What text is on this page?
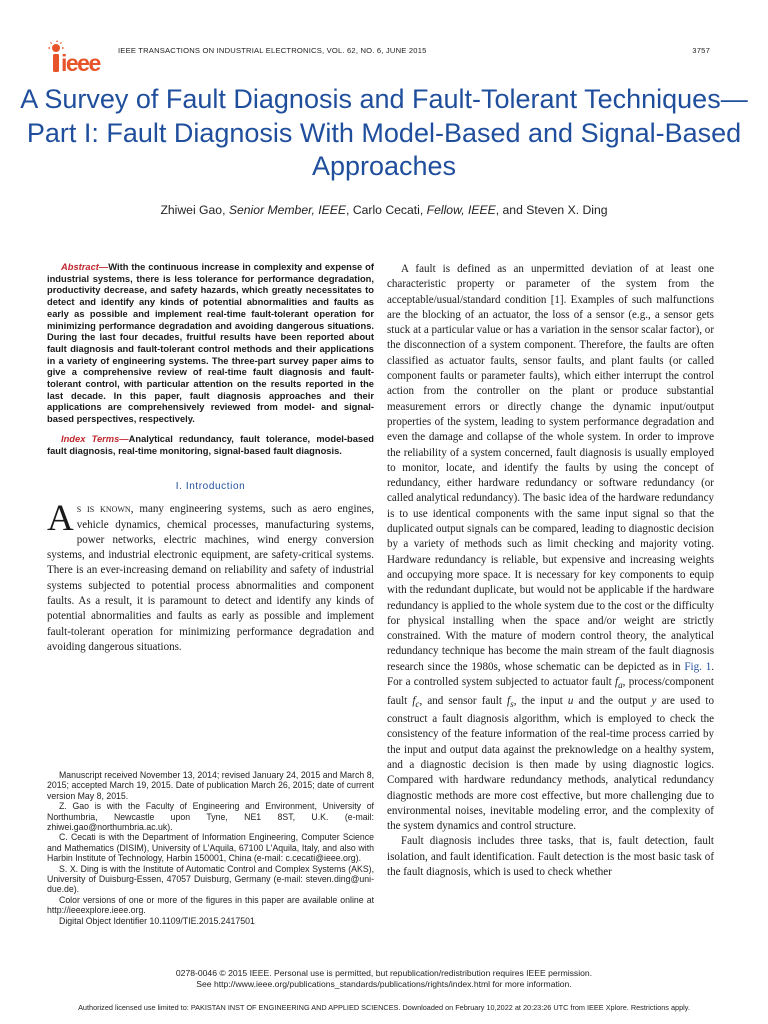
ieee IEEE TRANSACTIONS ON INDUSTRIAL ELECTRONICS, VOL. 62, NO. 6, JUNE 2015	3757
A Survey of Fault Diagnosis and Fault-Tolerant Techniques—Part I: Fault Diagnosis With Model-Based and Signal-Based Approaches
Zhiwei Gao, Senior Member, IEEE, Carlo Cecati, Fellow, IEEE, and Steven X. Ding

Abstract—With the continuous increase in complexity and expense of industrial systems, there is less tolerance for performance degradation, productivity decrease, and safety hazards, which greatly necessitates to detect and identify any kinds of potential abnormalities and faults as early as possible and implement real-time fault-tolerant operation for minimizing performance degradation and avoiding dangerous situations. During the last four decades, fruitful results have been reported about fault diagnosis and fault-tolerant control methods and their applications in a variety of engineering systems. The three-part survey paper aims to give a comprehensive review of real-time fault diagnosis and fault-tolerant control, with particular attention on the results reported in the last decade. In this paper, fault diagnosis approaches and their applications are comprehensively reviewed from model- and signal-based perspectives, respectively.

Index Terms—Analytical redundancy, fault tolerance, model-based fault diagnosis, real-time monitoring, signal-based fault diagnosis.

I. Introduction

As is known, many engineering systems, such as aero engines, vehicle dynamics, chemical processes, manufacturing systems, power networks, electric machines, wind energy conversion systems, and industrial electronic equipment, are safety-critical systems. There is an ever-increasing demand on reliability and safety of industrial systems subjected to potential process abnormalities and component faults. As a result, it is paramount to detect and identify any kinds of potential abnormalities and faults as early as possible and implement fault-tolerant operation for minimizing performance degradation and avoiding dangerous situations.

Manuscript received November 13, 2014; revised January 24, 2015 and March 8, 2015; accepted March 19, 2015. Date of publication March 26, 2015; date of current version May 8, 2015.

Z. Gao is with the Faculty of Engineering and Environment, University of Northumbria, Newcastle upon Tyne, NE1 8ST, U.K. (e-mail: zhiwei.gao@northumbria.ac.uk).

C. Cecati is with the Department of Information Engineering, Computer Science and Mathematics (DISIM), University of L'Aquila, 67100 L'Aquila, Italy, and also with Harbin Institute of Technology, Harbin 150001, China (e-mail: c.cecati@ieee.org).

S. X. Ding is with the Institute of Automatic Control and Complex Systems (AKS), University of Duisburg-Essen, 47057 Duisburg, Germany (e-mail: steven.ding@uni-due.de).

Color versions of one or more of the figures in this paper are available online at http://ieeexplore.ieee.org.

Digital Object Identifier 10.1109/TIE.2015.2417501

A fault is defined as an unpermitted deviation of at least one characteristic property or parameter of the system from the acceptable/usual/standard condition [1]. Examples of such malfunctions are the blocking of an actuator, the loss of a sensor (e.g., a sensor gets stuck at a particular value or has a variation in the sensor scalar factor), or the disconnection of a system component. Therefore, the faults are often classified as actuator faults, sensor faults, and plant faults (or called component faults or parameter faults), which either interrupt the control action from the controller on the plant or produce substantial measurement errors or directly change the dynamic input/output properties of the system, leading to system performance degradation and even the damage and collapse of the whole system. In order to improve the reliability of a system concerned, fault diagnosis is usually employed to monitor, locate, and identify the faults by using the concept of redundancy, either hardware redundancy or software redundancy (or called analytical redundancy). The basic idea of the hardware redundancy is to use identical components with the same input signal so that the duplicated output signals can be compared, leading to diagnostic decision by a variety of methods such as limit checking and majority voting. Hardware redundancy is reliable, but expensive and increasing weights and occupying more space. It is necessary for key components to equip with the redundant duplicate, but would not be applicable if the hardware redundancy is applied to the whole system due to the cost or the difficulty for physical installing when the space and/or weight are strictly constrained. With the mature of modern control theory, the analytical redundancy technique has become the main stream of the fault diagnosis research since the 1980s, whose schematic can be depicted as in Fig. 1. For a controlled system subjected to actuator fault $f_a$, process/component fault $f_c$, and sensor fault $f_s$, the input u and the output y are used to construct a fault diagnosis algorithm, which is employed to check the consistency of the feature information of the real-time process carried by the input and output data against the preknowledge on a healthy system, and a diagnostic decision is then made by using diagnostic logics. Compared with hardware redundancy methods, analytical redundancy diagnostic methods are more cost effective, but more challenging due to environmental noises, inevitable modeling error, and the complexity of the system dynamics and control structure.

Fault diagnosis includes three tasks, that is, fault detection, fault isolation, and fault identification. Fault detection is the most basic task of the fault diagnosis, which is used to check whether

0278-0046 © 2015 IEEE. Personal use is permitted, but republication/redistribution requires IEEE permission.
See http://www.ieee.org/publications_standards/publications/rights/index.html for more information.
Authorized licensed use limited to: PAKISTAN INST OF ENGINEERING AND APPLIED SCIENCES. Downloaded on February 10,2022 at 20:23:26 UTC from IEEE Xplore. Restrictions apply.
